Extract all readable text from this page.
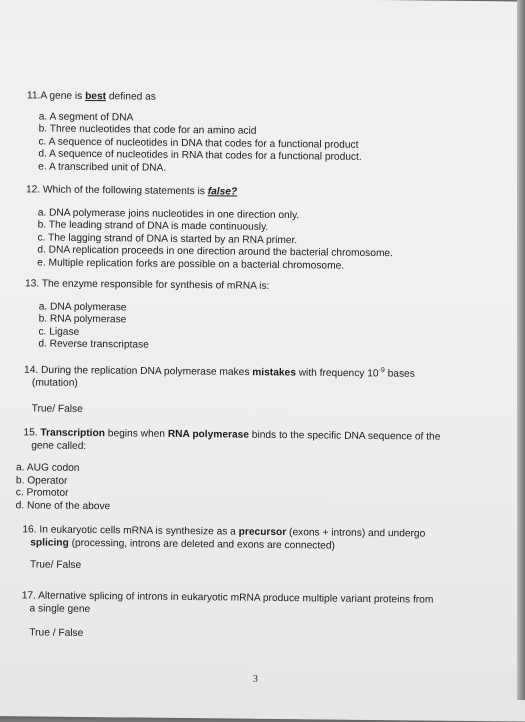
11.A gene is best defined as
a. A segment of DNA
b. Three nucleotides that code for an amino acid
c. A sequence of nucleotides in DNA that codes for a functional product
d. A sequence of nucleotides in RNA that codes for a functional product.
e. A transcribed unit of DNA.
12. Which of the following statements is false?
a. DNA polymerase joins nucleotides in one direction only.
b. The leading strand of DNA is made continuously.
c. The lagging strand of DNA is started by an RNA primer.
d. DNA replication proceeds in one direction around the bacterial chromosome.
e. Multiple replication forks are possible on a bacterial chromosome.
13. The enzyme responsible for synthesis of mRNA is:
a. DNA polymerase
b. RNA polymerase
c. Ligase
d. Reverse transcriptase
14. During the replication DNA polymerase makes mistakes with frequency $10^{-9}$ bases
(mutation)
True/ False
15. Transcription begins when RNA polymerase binds to the specific DNA sequence of the
gene called:
a. AUG codon
b. Operator
c. Promotor
d. None of the above
16. In eukaryotic cells mRNA is synthesize as a precursor (exons + introns) and undergo
splicing (processing, introns are deleted and exons are connected)
True/ False
17. Alternative splicing of introns in eukaryotic mRNA produce multiple variant proteins from
a single gene
True / False
3
